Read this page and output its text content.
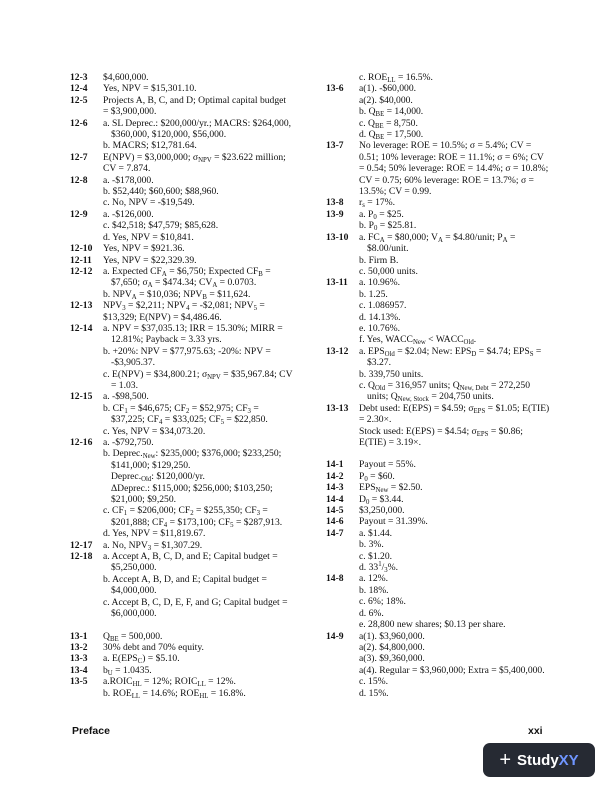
12-3	$4,600,000.
12-4	Yes, NPV = $15,301.10.
12-5	Projects A, B, C, and D; Optimal capital budget
= $3,900,000.
12-6	a. SL Deprec.: $200,000/yr.; MACRS: $264,000,
$360,000, $120,000, $56,000.
b. MACRS; $12,781.64.
12-7	E(NPV) = $3,000,000; $\sigma_{NPV}$ = $23.622 million;
CV = 7.874.
12-8	a. -$178,000.
b. $52,440; $60,600; $88,960.
c. No, NPV = -$19,549.
12-9	a. -$126,000.
c. $42,518; $47,579; $85,628.
d. Yes, NPV = $10,841.
12-10	Yes, NPV = $921.36.
12-11	Yes, NPV = $22,329.39.
12-12	a. Expected $CF_A$ = $6,750; Expected $CF_B$ =
$7,650; $\sigma_A$ = $474.34; $CV_A = 0.0703$.
b. $NPV_A$ = $10,036; $NPV_B$ = $11,624.
12-13	$NPV_3$ = $2,211; $NPV_4$ = -$2,081; $NPV_5$ =
$13,329; E(NPV) = $4,486.46.
12-14	a. NPV = $37,035.13; IRR = 15.30%; MIRR =
12.81%; Payback = 3.33 yrs.
b. +20%: NPV = $77,975.63; -20%: NPV =
-$3,905.37.
c. E(NPV) = $34,800.21; $\sigma_{NPV}$ = $35,967.84; CV
= 1.03.
12-15	a. -$98,500.
b. $CF_1$ = $46,675; $CF_2$ = $52,975; $CF_3$ =
$37,225; $CF_4$ = $33,025; $CF_5$ = $22,850.
c. Yes, NPV = $34,073.20.
12-16	a. -$792,750.
b. $Deprec._{New}$: $235,000; $376,000; $233,250;
$141,000; $129,250.
$Deprec._{Old}$: $120,000/yr.
ΔDeprec.: $115,000; $256,000; $103,250;
$21,000; $9,250.
c. $CF_1$ = $206,000; $CF_2$ = $255,350; $CF_3$ =
$201,888; $CF_4$ = $173,100; $CF_5$ = $287,913.
d. Yes, NPV = $11,819.67.
12-17	a. No, $NPV_3$ = $1,307.29.
12-18	a. Accept A, B, C, D, and E; Capital budget =
$5,250,000.
b. Accept A, B, D, and E; Capital budget =
$4,000,000.
c. Accept B, C, D, E, F, and G; Capital budget =
$6,000,000.
13-1	$Q_{BE} = 500,000$.
13-2	30% debt and 70% equity.
13-3	a. $E(EPS_C)$ = $5.10.
13-4	$b_U = 1.0435$.
13-5	$a.ROIC_{HL} = 12\%$; $ROIC_{LL} = 12\%$.
b. $ROE_{LL} = 14.6\%$; $ROE_{HL} = 16.8\%$.
c. $ROE_{LL} = 16.5\%$.
13-6	a(1). -$60,000.
a(2). $40,000.
b. $Q_{BE} = 14,000$.
c. $Q_{BE} = 8,750$.
d. $Q_{BE} = 17,500$.
13-7	No leverage: ROE = 10.5%; σ = 5.4%; CV =
0.51; 10% leverage: ROE = 11.1%; σ = 6%; CV
= 0.54; 50% leverage: ROE = 14.4%; σ = 10.8%;
CV = 0.75; 60% leverage: ROE = 13.7%; σ =
13.5%; CV = 0.99.
13-8	$r_s = 17\%$.
13-9	a. $P_0$ = $25.
b. $P_0$ = $25.81.
13-10	a. $FC_A$ = $80,000; $V_A$ = $4.80/unit; $P_A$ =
$8.00/unit.
b. Firm B.
c. 50,000 units.
13-11	a. 10.96%.
b. 1.25.
c. 1.086957.
d. 14.13%.
e. 10.76%.
f. Yes, $WACC_{New}$ < $WACC_{Old}$.
13-12	a. $EPS_{Old}$ = $2.04; New: $EPS_D$ = $4.74; $EPS_S$ =
$3.27.
b. 339,750 units.
c. $Q_{Old} = 316,957$ units; $Q_{New, Debt} = 272,250$
units; $Q_{New, Stock} = 204,750$ units.
13-13	Debt used: E(EPS) = $4.59; $\sigma_{EPS}$ = $1.05; E(TIE)
= 2.30×.
Stock used: E(EPS) = $4.54; $\sigma_{EPS}$ = $0.86;
E(TIE) = 3.19×.
14-1	Payout = 55%.
14-2	$P_0$ = $60.
14-3	$EPS_{New}$ = $2.50.
14-4	$D_0$ = $3.44.
14-5	$3,250,000.
14-6	Payout = 31.39%.
14-7	a. $1.44.
b. 3%.
c. $1.20.
d. $33^1/_3\%$.
14-8	a. 12%.
b. 18%.
c. 6%; 18%.
d. 6%.
e. 28,800 new shares; $0.13 per share.
14-9	a(1). $3,960,000.
a(2). $4,800,000.
a(3). $9,360,000.
a(4). Regular = $3,960,000; Extra = $5,400,000.
c. 15%.
d. 15%.
Preface	xxi
+ StudyXY
